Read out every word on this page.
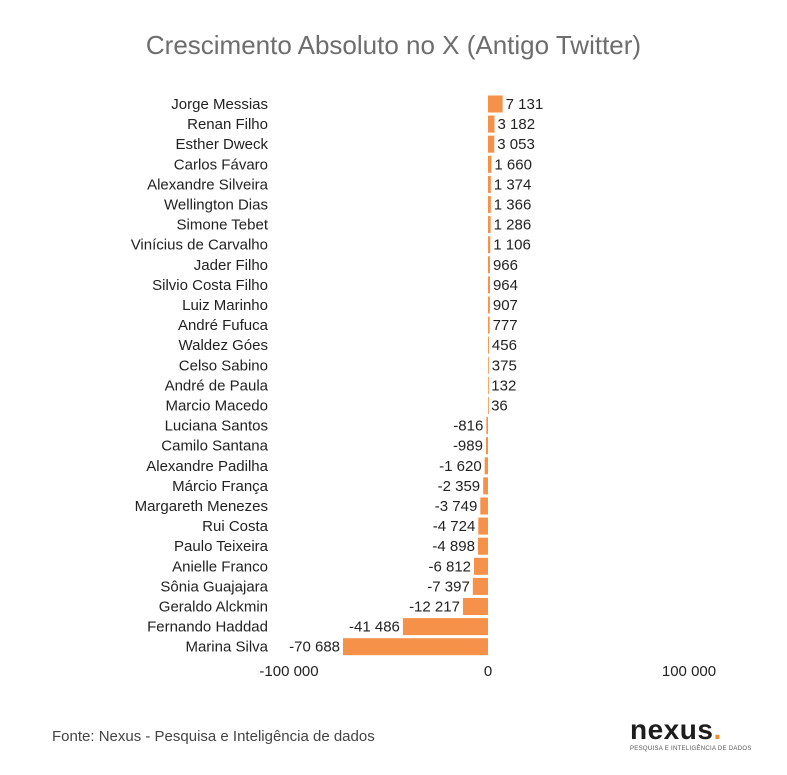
Crescimento Absoluto no X (Antigo Twitter)
Jorge Messias	7 131
Renan Filho	3 182
Esther Dweck	3 053
Carlos Fávaro	1 660
Alexandre Silveira	1 374
Wellington Dias	1 366
Simone Tebet	1 286
Vinícius de Carvalho	1 106
Jader Filho	966
Silvio Costa Filho	964
Luiz Marinho	907
André Fufuca	777
Waldez Góes	456
Celso Sabino	375
André de Paula	132
Marcio Macedo	36
Luciana Santos	-816
Camilo Santana	-989
Alexandre Padilha	-1 620
Márcio França	-2 359
Margareth Menezes	-3 749
Rui Costa	-4 724
Paulo Teixeira	-4 898
Anielle Franco	-6 812
Sônia Guajajara	-7 397
Geraldo Alckmin	-12 217
Fernando Haddad	-41 486
Marina Silva -70 688
-100 000	0	100 000
Fonte: Nexus - Pesquisa e Inteligência de dados	nexus.
PESQUISA E INTELIGÊNCIA DE DADOS
